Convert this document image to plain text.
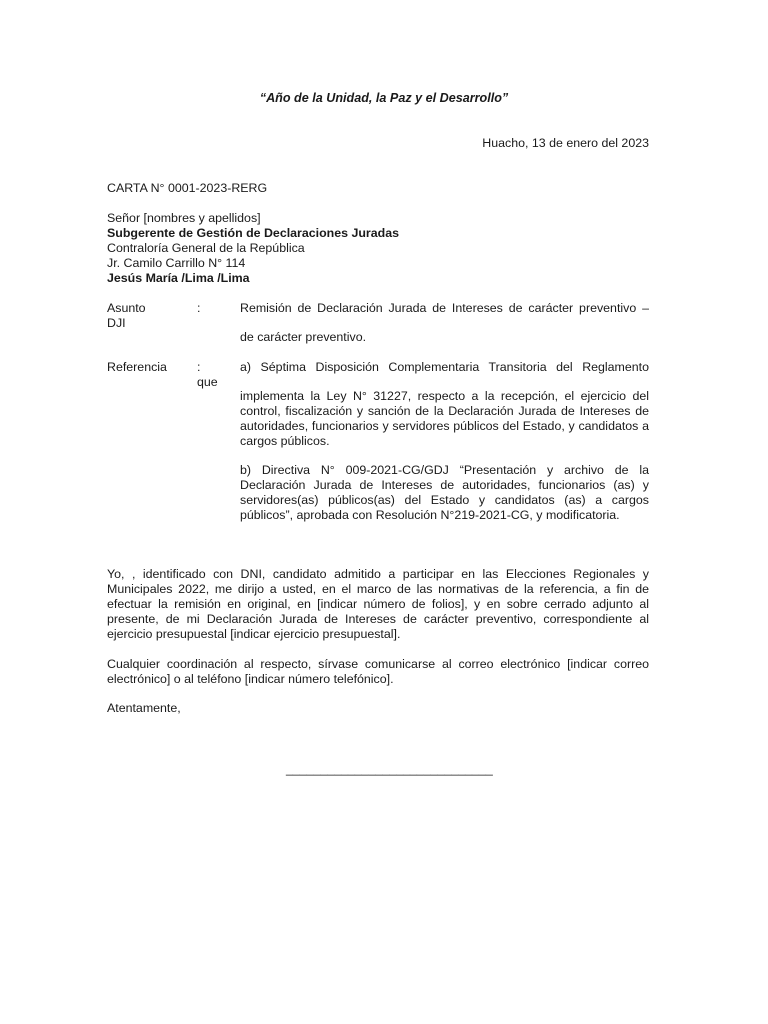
“Año de la Unidad, la Paz y el Desarrollo”
Huacho, 13 de enero del 2023
CARTA N° 0001-2023-RERG
Señor [nombres y apellidos]
Subgerente de Gestión de Declaraciones Juradas
Contraloría General de la República
Jr. Camilo Carrillo N° 114
Jesús María /Lima /Lima
Asunto
DJI
:	Remisión de Declaración Jurada de Intereses de carácter preventivo –
de carácter preventivo.
Referencia :
que
a) Séptima Disposición Complementaria Transitoria del Reglamento
implementa la Ley N° 31227, respecto a la recepción, el ejercicio del control, fiscalización y sanción de la Declaración Jurada de Intereses de autoridades, funcionarios y servidores públicos del Estado, y candidatos a cargos públicos.
b) Directiva N° 009-2021-CG/GDJ “Presentación y archivo de la Declaración Jurada de Intereses de autoridades, funcionarios (as) y servidores(as) públicos(as) del Estado y candidatos (as) a cargos públicos”, aprobada con Resolución N°219-2021-CG, y modificatoria.
Yo, , identificado con DNI, candidato admitido a participar en las Elecciones Regionales y Municipales 2022, me dirijo a usted, en el marco de las normativas de la referencia, a fin de efectuar la remisión en original, en [indicar número de folios], y en sobre cerrado adjunto al presente, de mi Declaración Jurada de Intereses de carácter preventivo, correspondiente al ejercicio presupuestal [indicar ejercicio presupuestal].
Cualquier coordinación al respecto, sírvase comunicarse al correo electrónico [indicar correo electrónico] o al teléfono [indicar número telefónico].
Atentamente,
______________________________
